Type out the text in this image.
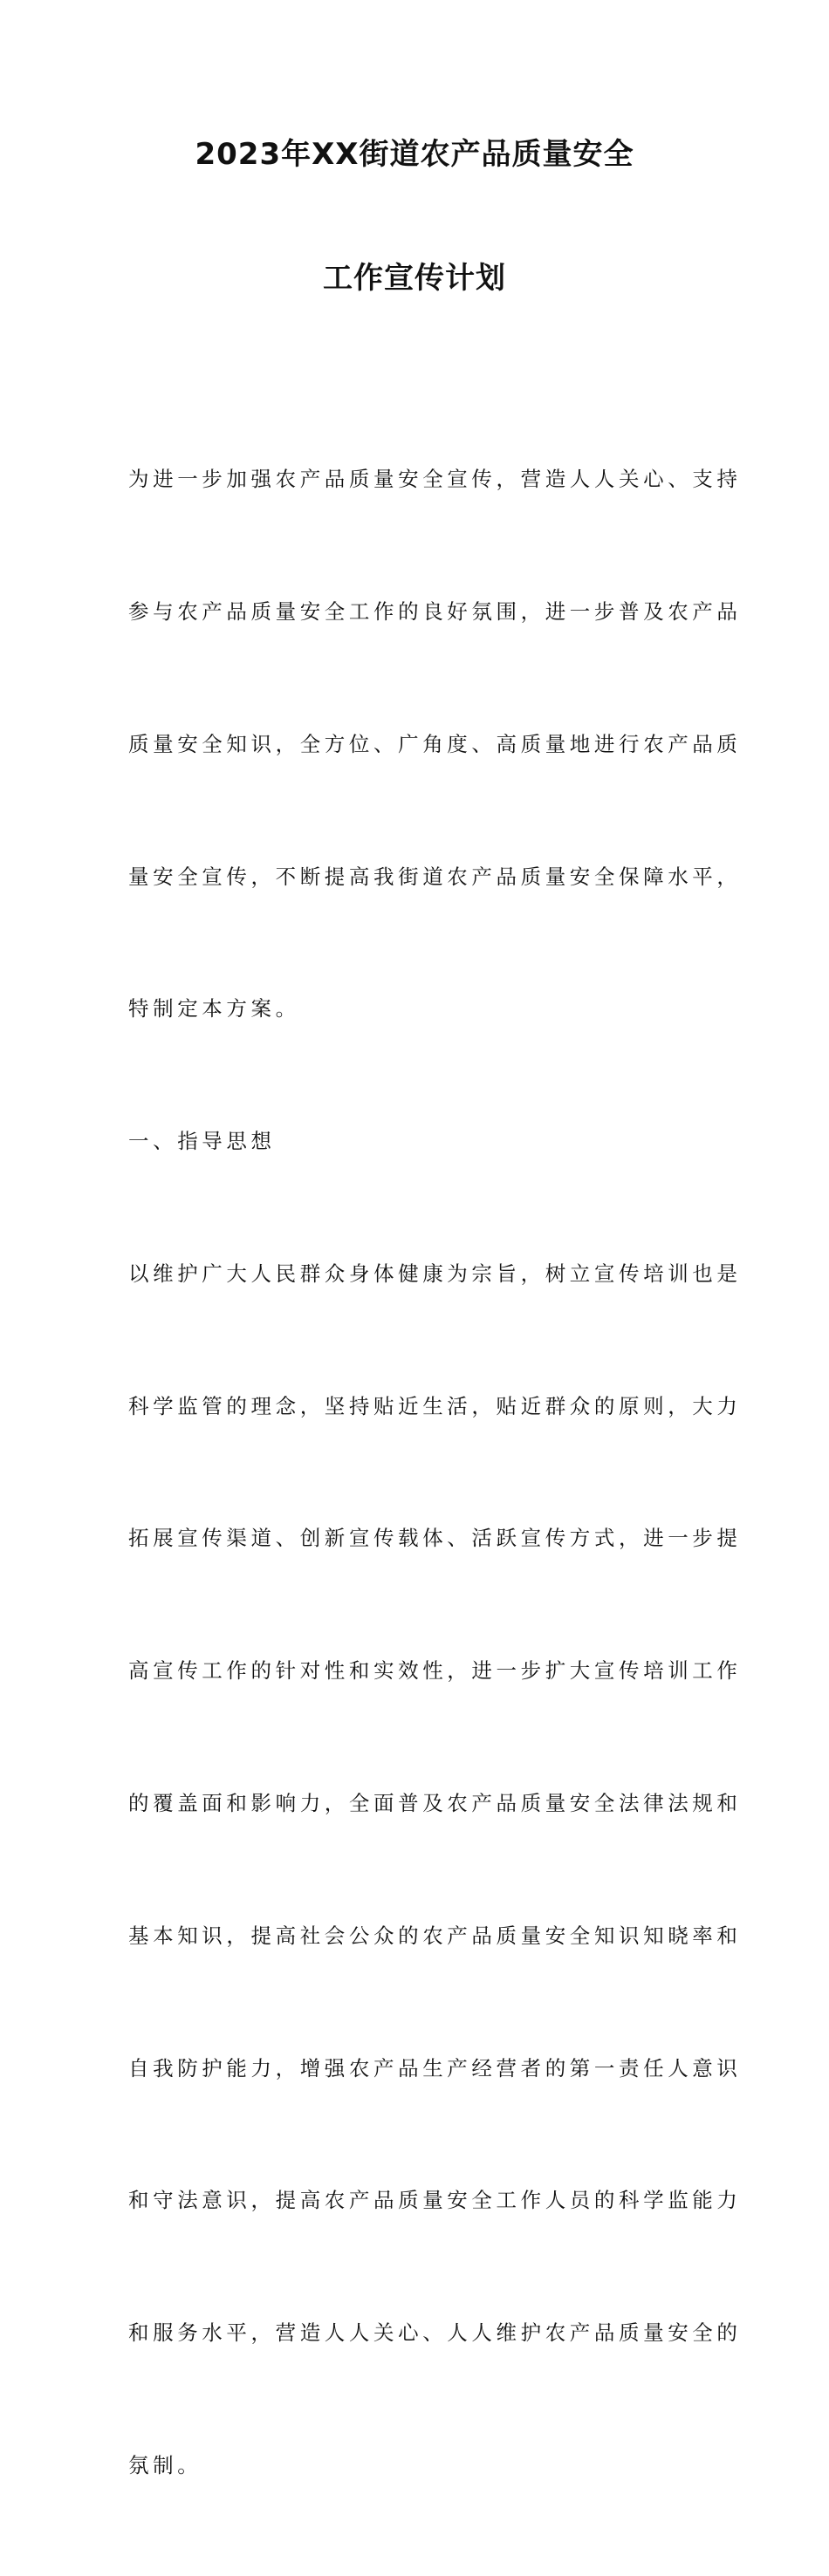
2023年XX街道农产品质量安全
工作宣传计划

为进一步加强农产品质量安全宣传，营造人人关心、支持

参与农产品质量安全工作的良好氛围，进一步普及农产品

质量安全知识，全方位、广角度、高质量地进行农产品质

量安全宣传，不断提高我街道农产品质量安全保障水平，

特制定本方案。

一、指导思想

以维护广大人民群众身体健康为宗旨，树立宣传培训也是

科学监管的理念，坚持贴近生活，贴近群众的原则，大力

拓展宣传渠道、创新宣传载体、活跃宣传方式，进一步提

高宣传工作的针对性和实效性，进一步扩大宣传培训工作

的覆盖面和影响力，全面普及农产品质量安全法律法规和

基本知识，提高社会公众的农产品质量安全知识知晓率和

自我防护能力，增强农产品生产经营者的第一责任人意识

和守法意识，提高农产品质量安全工作人员的科学监能力

和服务水平，营造人人关心、人人维护农产品质量安全的

氛制。
